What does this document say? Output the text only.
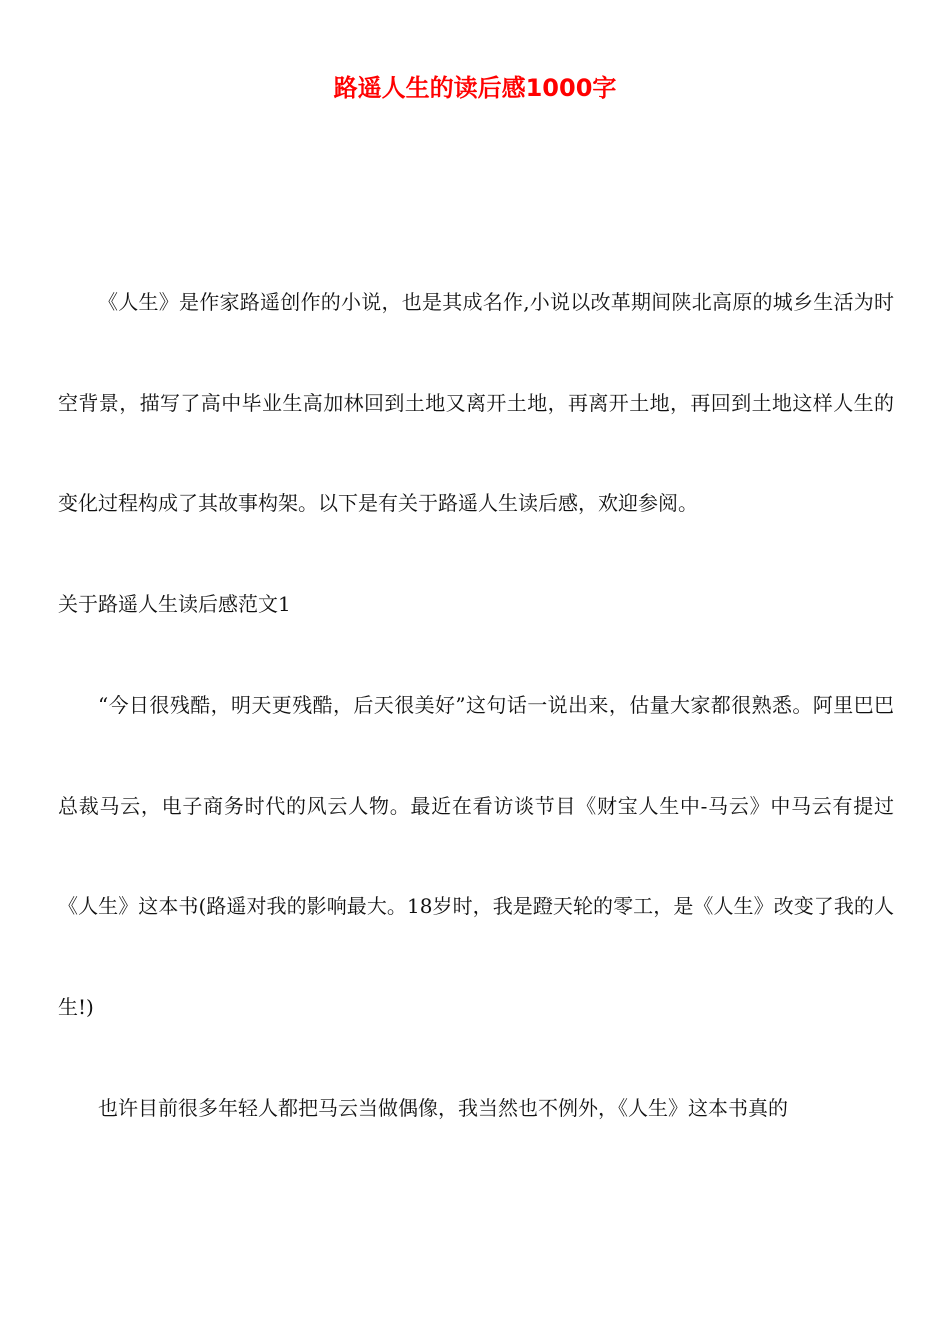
路遥人生的读后感1000字

《人生》是作家路遥创作的小说，也是其成名作,小说以改革期间陕北高原的城乡生活为时空背景，描写了高中毕业生高加林回到土地又离开土地，再离开土地，再回到土地这样人生的变化过程构成了其故事构架。以下是有关于路遥人生读后感，欢迎参阅。

关于路遥人生读后感范文1

“今日很残酷，明天更残酷，后天很美好”这句话一说出来，估量大家都很熟悉。阿里巴巴总裁马云，电子商务时代的风云人物。最近在看访谈节目《财宝人生中-马云》中马云有提过《人生》这本书(路遥对我的影响最大。18岁时，我是蹬天轮的零工，是《人生》改变了我的人生!)

也许目前很多年轻人都把马云当做偶像，我当然也不例外，《人生》这本书真的
